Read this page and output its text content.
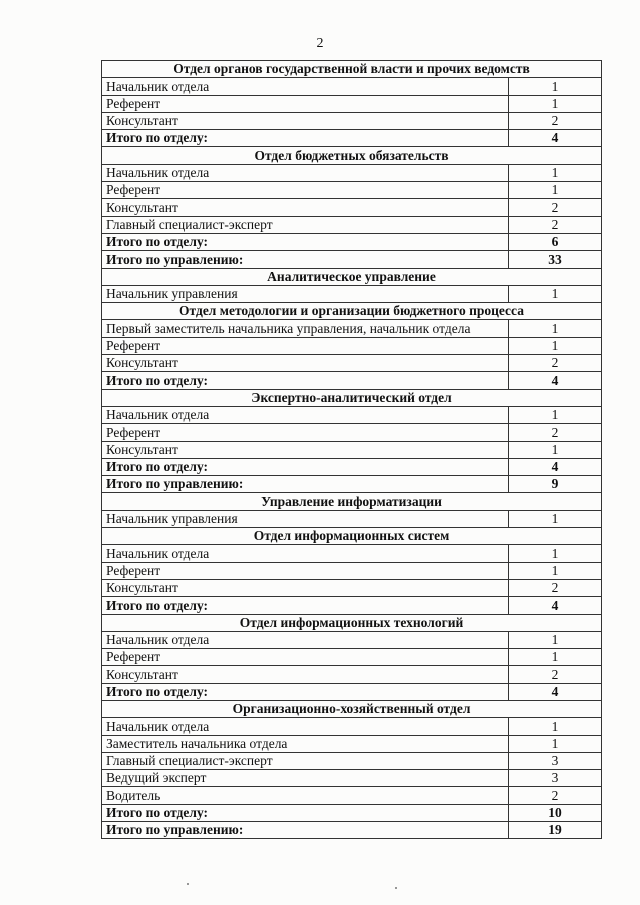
2
Отдел органов государственной власти и прочих ведомств	
Начальник отдела	1
Референт	1
Консультант	2
Итого по отделу:	4
Отдел бюджетных обязательств	
Начальник отдела	1
Референт	1
Консультант	2
Главный специалист-эксперт	2
Итого по отделу:	6
Итого по управлению:	33
Аналитическое управление	
Начальник управления	1
Отдел методологии и организации бюджетного процесса	
Первый заместитель начальника управления, начальник отдела	1
Референт	1
Консультант	2
Итого по отделу:	4
Экспертно-аналитический отдел	
Начальник отдела	1
Референт	2
Консультант	1
Итого по отделу:	4
Итого по управлению:	9
Управление информатизации	
Начальник управления	1
Отдел информационных систем	
Начальник отдела	1
Референт	1
Консультант	2
Итого по отделу:	4
Отдел информационных технологий	
Начальник отдела	1
Референт	1
Консультант	2
Итого по отделу:	4
Организационно-хозяйственный отдел	
Начальник отдела	1
Заместитель начальника отдела	1
Главный специалист-эксперт	3
Ведущий эксперт	3
Водитель	2
Итого по отделу:	10
Итого по управлению:	19
